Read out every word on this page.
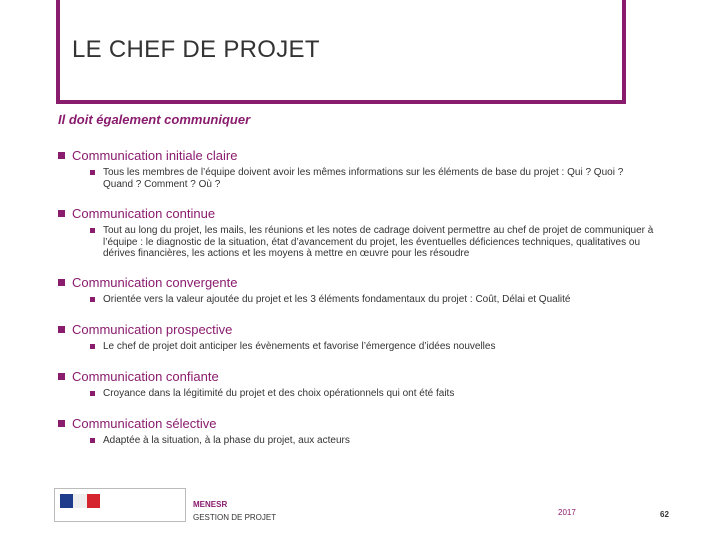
LE CHEF DE PROJET
Il doit également communiquer
Communication initiale claire
Tous les membres de l’équipe doivent avoir les mêmes informations sur les éléments de base du projet : Qui ? Quoi ? Quand ? Comment ? Où ?
Communication continue
Tout au long du projet, les mails, les réunions et les notes de cadrage doivent permettre au chef de projet de communiquer à l’équipe : le diagnostic de la situation, état d’avancement du projet, les éventuelles déficiences techniques, qualitatives ou dérives financières, les actions et les moyens à mettre en œuvre pour les résoudre
Communication convergente
Orientée vers la valeur ajoutée du projet et les 3 éléments fondamentaux du projet : Coût, Délai et Qualité
Communication prospective
Le chef de projet doit anticiper les évènements et favorise l’émergence d’idées nouvelles
Communication confiante
Croyance dans la légitimité du projet et des choix opérationnels qui ont été faits
Communication sélective
Adaptée à la situation, à la phase du projet, aux acteurs
MENESR
GESTION DE PROJET
2017	62
